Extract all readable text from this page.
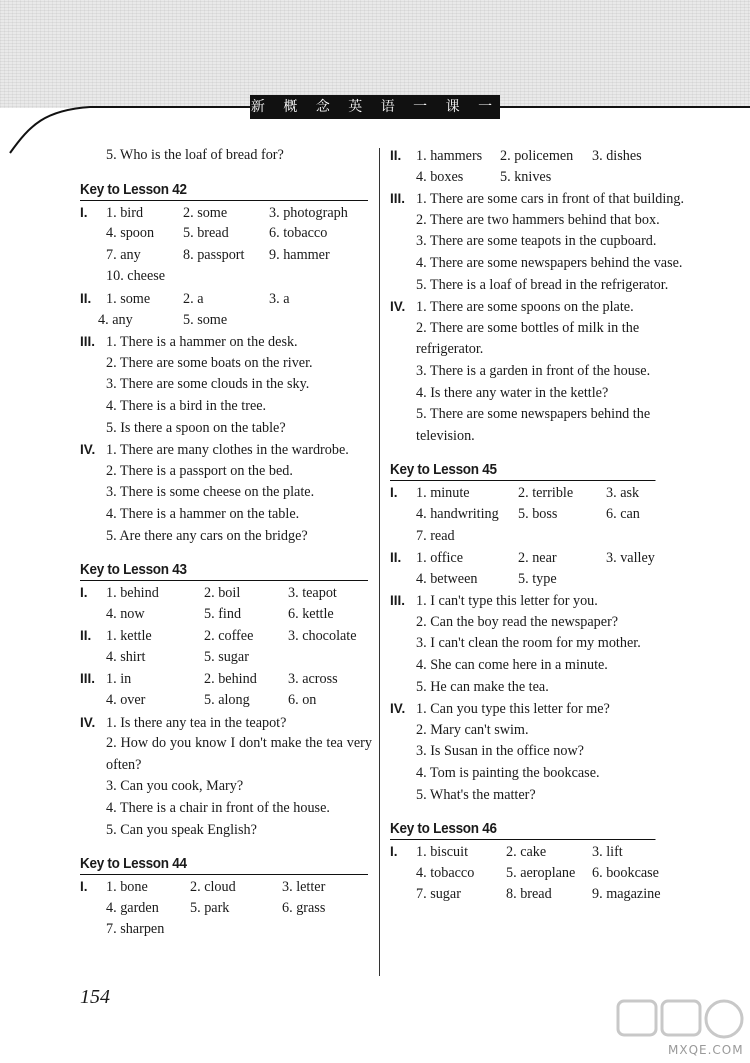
新 概 念 英 语 一 课 一 练 1
5. Who is the loaf of bread for?
Key to Lesson 42
I. 1. bird	2. some	3. photograph
4. spoon 5. bread	6. tobacco
7. any	8. passport 9. hammer
10. cheese
II. 1. some 2. a	3. a
4. any	5. some
III. 1. There is a hammer on the desk.
2. There are some boats on the river.
3. There are some clouds in the sky.
4. There is a bird in the tree.
5. Is there a spoon on the table?
IV. 1. There are many clothes in the wardrobe.
2. There is a passport on the bed.
3. There is some cheese on the plate.
4. There is a hammer on the table.
5. Are there any cars on the bridge?
Key to Lesson 43
I. 1. behind	2. boil	3. teapot
4. now	5. find	6. kettle
II. 1. kettle	2. coffee 3. chocolate
4. shirt	5. sugar
III. 1. in	2. behind 3. across
4. over	5. along	6. on
IV. 1. Is there any tea in the teapot?
2. How do you know I don't make the tea very often?
3. Can you cook, Mary?
4. There is a chair in front of the house.
5. Can you speak English?
Key to Lesson 44
I. 1. bone	2. cloud	3. letter
4. garden 5. park	6. grass
7. sharpen
II. 1. hammers 2. policemen 3. dishes
4. boxes	5. knives
III. 1. There are some cars in front of that building.
2. There are two hammers behind that box.
3. There are some teapots in the cupboard.
4. There are some newspapers behind the vase.
5. There is a loaf of bread in the refrigerator.
IV. 1. There are some spoons on the plate.
2. There are some bottles of milk in the refrigerator.
3. There is a garden in front of the house.
4. Is there any water in the kettle?
5. There are some newspapers behind the television.
Key to Lesson 45
I. 1. minute	2. terrible 3. ask
4. handwriting 5. boss	6. can
7. read
II. 1. office	2. near	3. valley
4. between	5. type
III. 1. I can't type this letter for you.
2. Can the boy read the newspaper?
3. I can't clean the room for my mother.
4. She can come here in a minute.
5. He can make the tea.
IV. 1. Can you type this letter for me?
2. Mary can't swim.
3. Is Susan in the office now?
4. Tom is painting the bookcase.
5. What's the matter?
Key to Lesson 46
I. 1. biscuit	2. cake	3. lift
4. tobacco 5. aeroplane 6. bookcase
7. sugar	8. bread	9. magazine
154
MXQE.COM
